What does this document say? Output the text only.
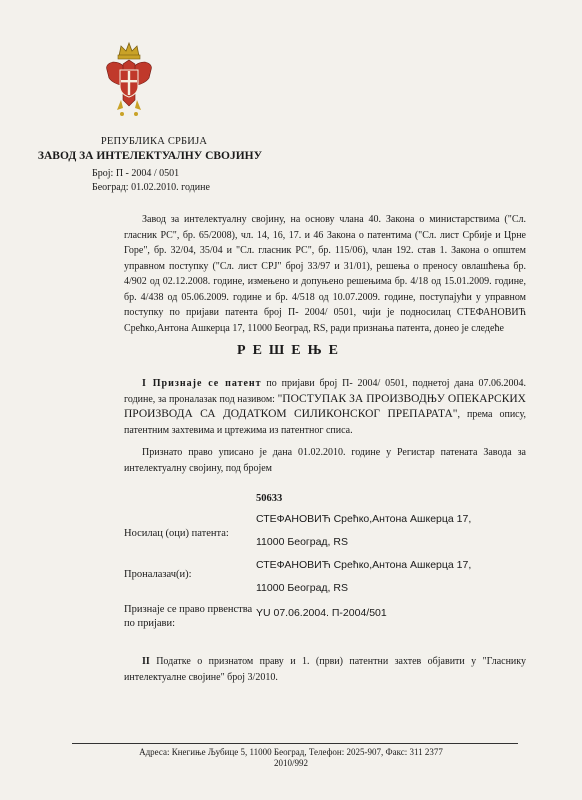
РЕПУБЛИКА СРБИЈА
ЗАВОД ЗА ИНТЕЛЕКТУАЛНУ СВОЈИНУ
Број: П - 2004 / 0501
Београд: 01.02.2010. године
Завод за интелектуалну својину, на основу члана 40. Закона о министарствима ("Сл. гласник РС", бр. 65/2008), чл. 14, 16, 17. и 46 Закона о патентима ("Сл. лист Србије и Црне Горе", бр. 32/04, 35/04 и "Сл. гласник РС", бр. 115/06), члан 192. став 1. Закона о општем управном поступку ("Сл. лист СРЈ" број 33/97 и 31/01), решења о преносу овлашћења бр. 4/902 од 02.12.2008. године, измењено и допуњено решењима бр. 4/18 од 15.01.2009. године, бр. 4/438 од 05.06.2009. године и бр. 4/518 од 10.07.2009. године, поступајући у управном поступку по пријави патента број П- 2004/ 0501, чији је подносилац СТЕФАНОВИЋ Срећко,Антона Ашкерца 17, 11000 Београд, RS, ради признања патента, донео је следеће
РЕШЕЊЕ
I Признаје се патент по пријави број П- 2004/ 0501, поднетој дана 07.06.2004. године, за проналазак под називом: "ПОСТУПАК ЗА ПРОИЗВОДЊУ ОПЕКАРСКИХ ПРОИЗВОДА СА ДОДАТКОМ СИЛИКОНСКОГ ПРЕПАРАТА", према опису, патентним захтевима и цртежима из патентног списа.
Признато право уписано је дана 01.02.2010. године у Регистар патената Завода за интелектуалну својину, под бројем
50633
Носилац (оци) патента:
СТЕФАНОВИЋ Срећко,Антона Ашкерца 17,
11000 Београд, RS
Проналазач(и):
СТЕФАНОВИЋ Срећко,Антона Ашкерца 17,
11000 Београд, RS
Признаје се право првенства по пријави:
YU 07.06.2004. П-2004/501
II Податке о признатом праву и 1. (први) патентни захтев објавити у "Гласнику интелектуалне својине" број 3/2010.
Адреса: Кнегиње Љубице 5, 11000 Београд, Телефон: 2025-907, Факс: 311 2377
2010/992
